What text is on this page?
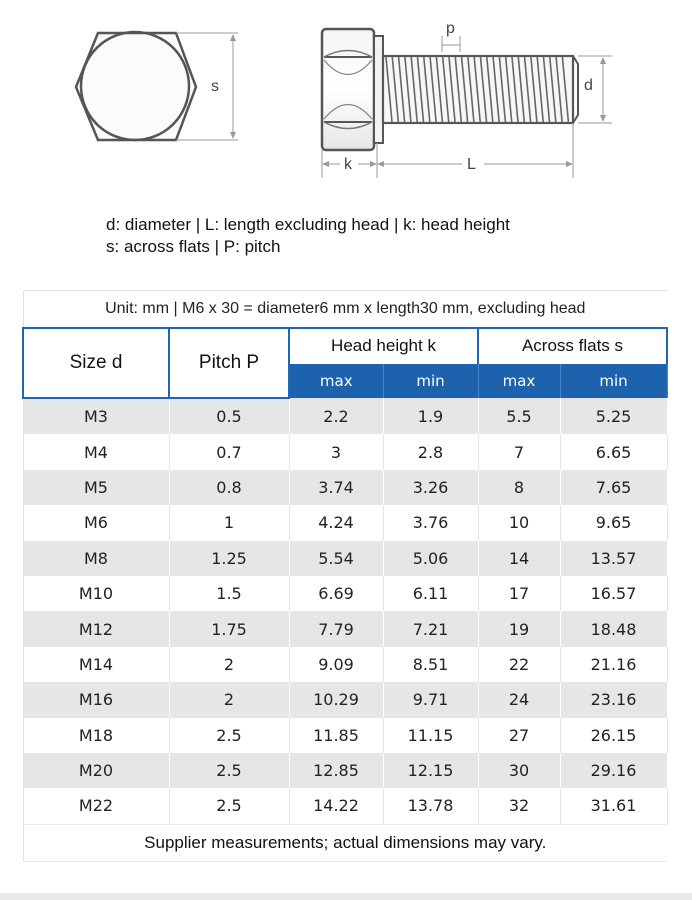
s
p
d
k	L
d: diameter | L: length excluding head | k: head height
s: across flats | P: pitch
Unit: mm | M6 x 30 = diameter6 mm x length30 mm, excluding head					
Size d	Pitch P	Head height k		Across flats s	
		max	min	max	min
M3	0.5	2.2	1.9	5.5	5.25
M4	0.7	3	2.8	7	6.65
M5	0.8	3.74	3.26	8	7.65
M6	1	4.24	3.76	10	9.65
M8	1.25	5.54	5.06	14	13.57
M10	1.5	6.69	6.11	17	16.57
M12	1.75	7.79	7.21	19	18.48
M14	2	9.09	8.51	22	21.16
M16	2	10.29	9.71	24	23.16
M18	2.5	11.85	11.15	27	26.15
M20	2.5	12.85	12.15	30	29.16
M22	2.5	14.22	13.78	32	31.61
Supplier measurements; actual dimensions may vary.					
